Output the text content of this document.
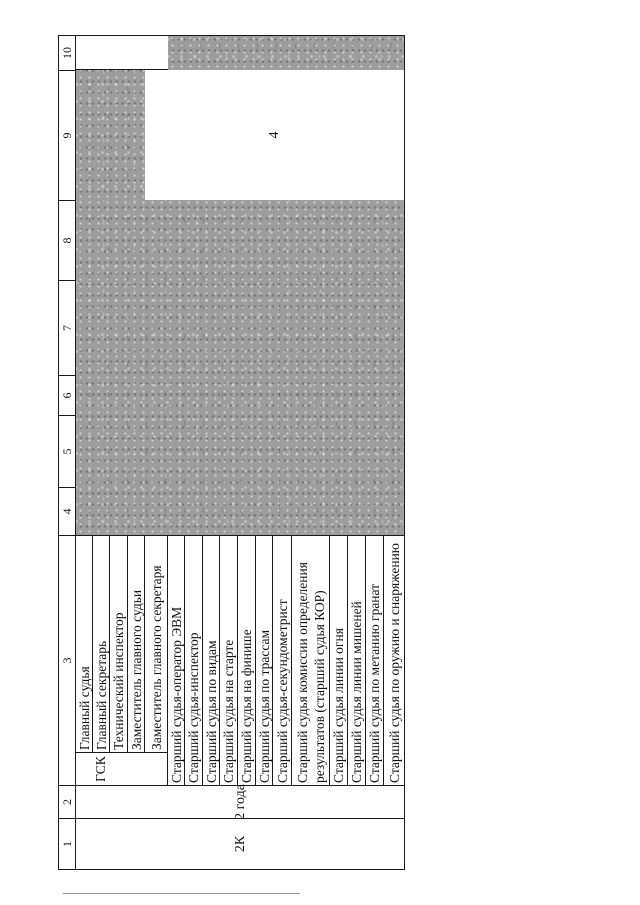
1
2
3
4
5
6
7
8
9
10
2К
2 года
ГСК
Главный судья Главный секретарь Технический инспектор Заместитель главного судьи Заместитель главного секретаря Старший судья-оператор ЭВМ Старший судья-инспектор Старший судья по видам Старший судья на старте Старший судья на финише Старший судья по трассам Старший судья-секундометрист Старший судья комиссии определения результатов (старший судья КОР) Старший судья линии огня Старший судья линии мишеней Старший судья по метанию гранат Старший судья по оружию и снаряжению
4
